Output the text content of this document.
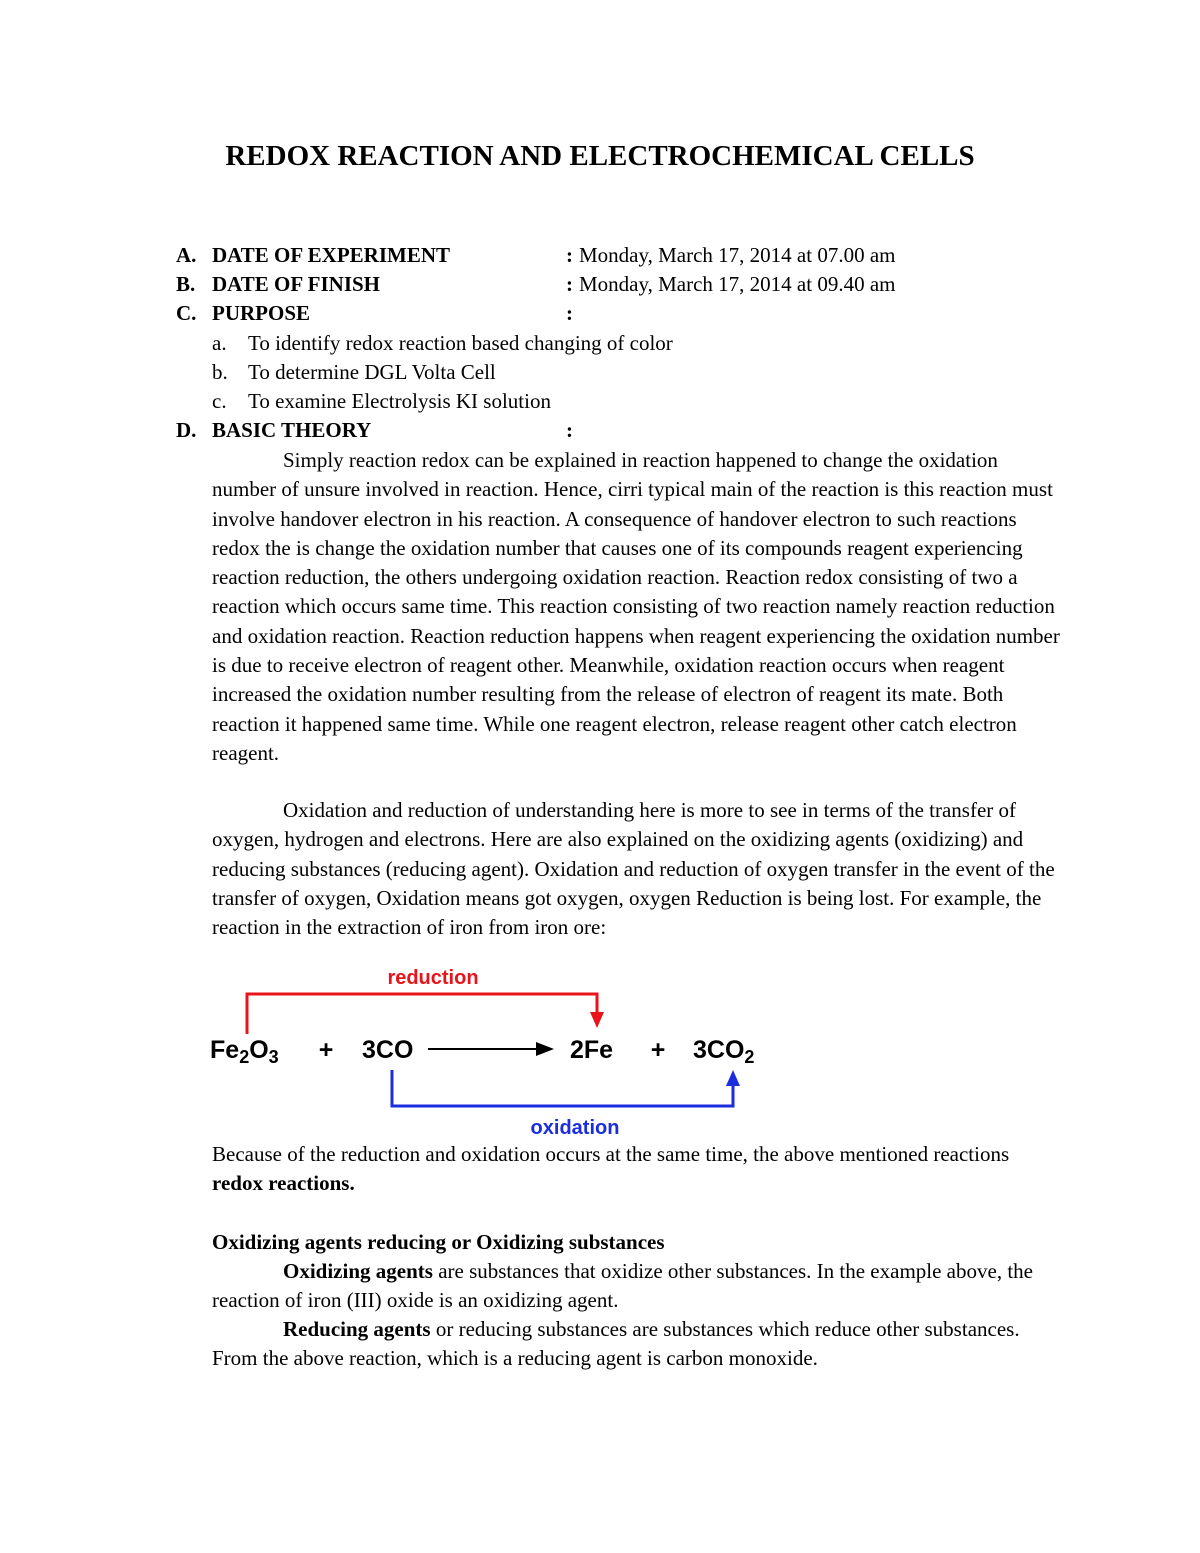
REDOX REACTION AND ELECTROCHEMICAL CELLS
A. DATE OF EXPERIMENT	: Monday, March 17, 2014 at 07.00 am
B. DATE OF FINISH	: Monday, March 17, 2014 at 09.40 am
C. PURPOSE	:
a. To identify redox reaction based changing of color
b. To determine DGL Volta Cell
c. To examine Electrolysis KI solution
D. BASIC THEORY	:

Simply reaction redox can be explained in reaction happened to change the oxidation number of unsure involved in reaction. Hence, cirri typical main of the reaction is this reaction must involve handover electron in his reaction. A consequence of handover electron to such reactions redox the is change the oxidation number that causes one of its compounds reagent experiencing reaction reduction, the others undergoing oxidation reaction. Reaction redox consisting of two a reaction which occurs same time. This reaction consisting of two reaction namely reaction reduction and oxidation reaction. Reaction reduction happens when reagent experiencing the oxidation number is due to receive electron of reagent other. Meanwhile, oxidation reaction occurs when reagent increased the oxidation number resulting from the release of electron of reagent its mate. Both reaction it happened same time. While one reagent electron, release reagent other catch electron reagent.

Oxidation and reduction of understanding here is more to see in terms of the transfer of oxygen, hydrogen and electrons. Here are also explained on the oxidizing agents (oxidizing) and reducing substances (reducing agent). Oxidation and reduction of oxygen transfer in the event of the transfer of oxygen, Oxidation means got oxygen, oxygen Reduction is being lost. For example, the reaction in the extraction of iron from iron ore:

reduction
$Fe_2O_3 + 3CO$	$2Fe + 3CO_2$
oxidation

Because of the reduction and oxidation occurs at the same time, the above mentioned reactions redox reactions.

Oxidizing agents reducing or Oxidizing substances

Oxidizing agents are substances that oxidize other substances. In the example above, the reaction of iron (III) oxide is an oxidizing agent.

Reducing agents or reducing substances are substances which reduce other substances. From the above reaction, which is a reducing agent is carbon monoxide.
